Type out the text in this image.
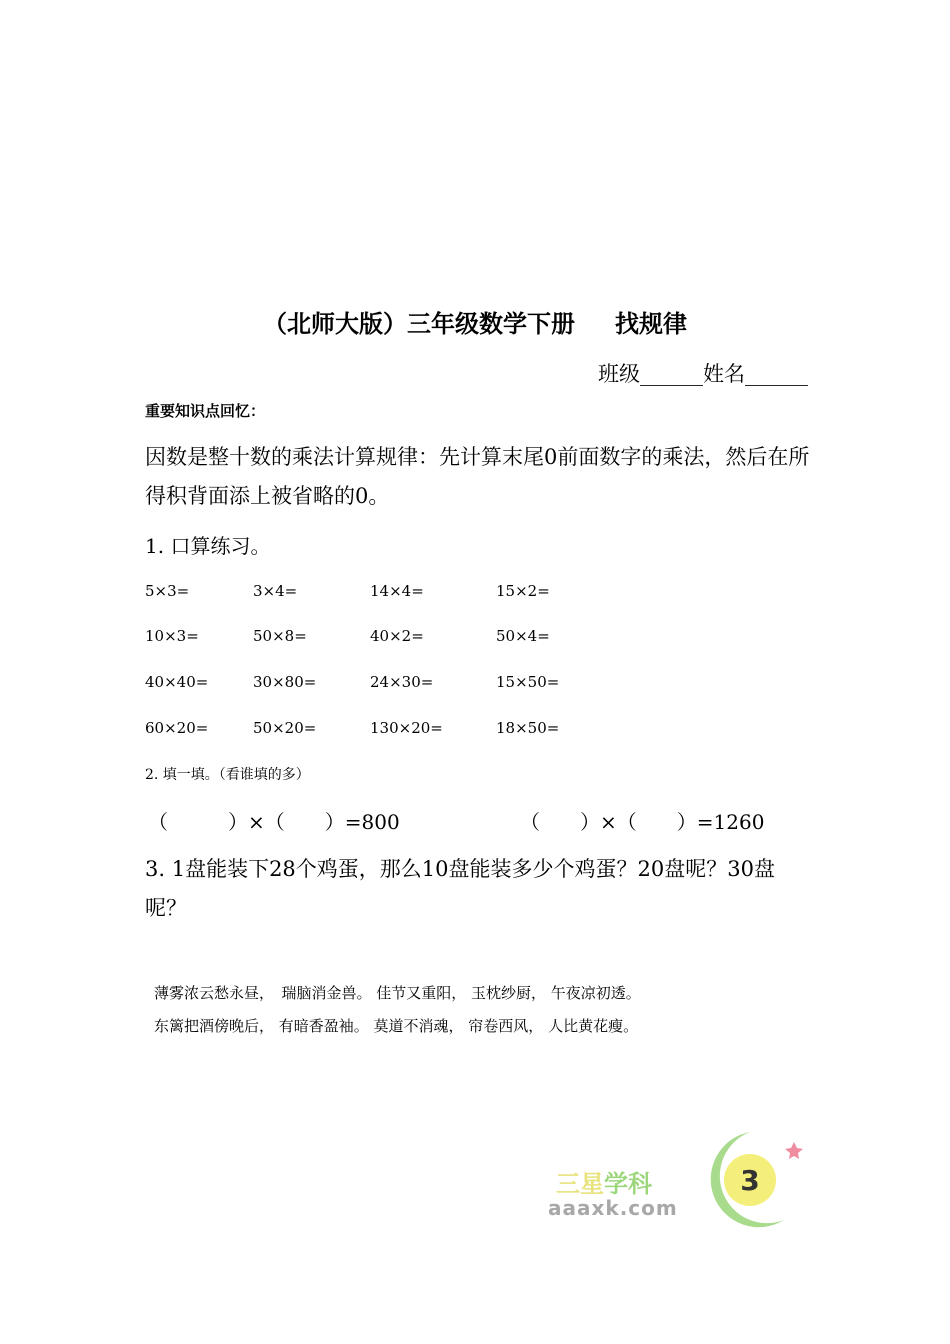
（北师大版）三年级数学下册 找规律
班级______姓名______
重要知识点回忆：
因数是整十数的乘法计算规律：先计算末尾0前面数字的乘法，然后在所得积背面添上被省略的0。
1. 口算练习。
5×3=	3×4=	14×4=	15×2=
10×3=	50×8=	40×2=	50×4=
40×40=	30×80=	24×30=	15×50=
60×20=	50×20=	130×20=	18×50=
2. 填一填。（看谁填的多）
（　　　）×（　　）=800	（　　）×（　　）=1260
3. 1盘能装下28个鸡蛋，那么10盘能装多少个鸡蛋？20盘呢？30盘呢？
薄雾浓云愁永昼，　瑞脑消金兽。 佳节又重阳， 玉枕纱厨， 午夜凉初透。
东篱把酒傍晚后， 有暗香盈袖。 莫道不消魂， 帘卷西风， 人比黄花瘦。
三星学科
aaaxk.com
3
